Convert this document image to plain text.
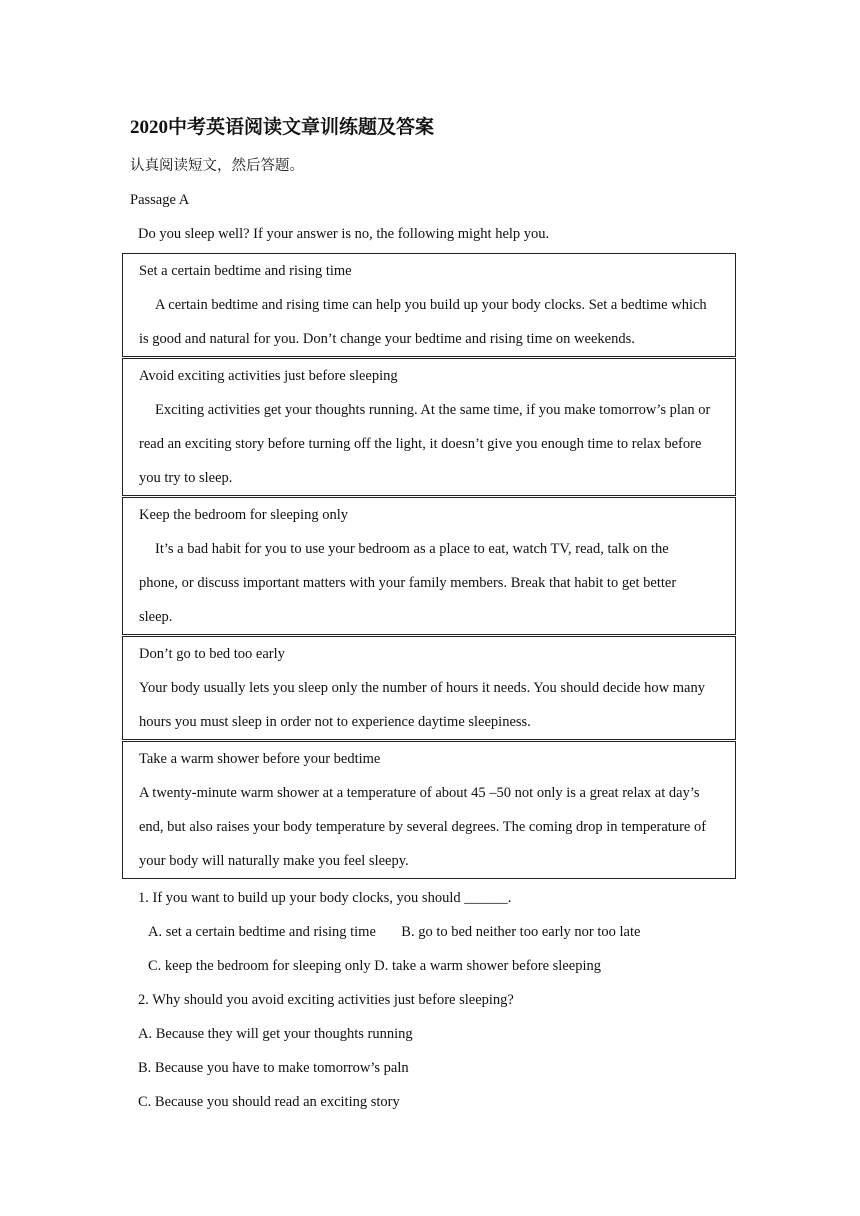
2020中考英语阅读文章训练题及答案
认真阅读短文，然后答题。
Passage A
Do you sleep well? If your answer is no, the following might help you.
Set a certain bedtime and rising time
A certain bedtime and rising time can help you build up your body clocks. Set a bedtime which
is good and natural for you. Don’t change your bedtime and rising time on weekends.
Avoid exciting activities just before sleeping
Exciting activities get your thoughts running. At the same time, if you make tomorrow’s plan or
read an exciting story before turning off the light, it doesn’t give you enough time to relax before
you try to sleep.
Keep the bedroom for sleeping only
It’s a bad habit for you to use your bedroom as a place to eat, watch TV, read, talk on the
phone, or discuss important matters with your family members. Break that habit to get better
sleep.
Don’t go to bed too early
Your body usually lets you sleep only the number of hours it needs. You should decide how many
hours you must sleep in order not to experience daytime sleepiness.
Take a warm shower before your bedtime
A twenty-minute warm shower at a temperature of about 45 –50 not only is a great relax at day’s
end, but also raises your body temperature by several degrees. The coming drop in temperature of
your body will naturally make you feel sleepy.
1. If you want to build up your body clocks, you should ______.
A. set a certain bedtime and rising time       B. go to bed neither too early nor too late
C. keep the bedroom for sleeping only D. take a warm shower before sleeping
2. Why should you avoid exciting activities just before sleeping?
A. Because they will get your thoughts running
B. Because you have to make tomorrow’s paln
C. Because you should read an exciting story
